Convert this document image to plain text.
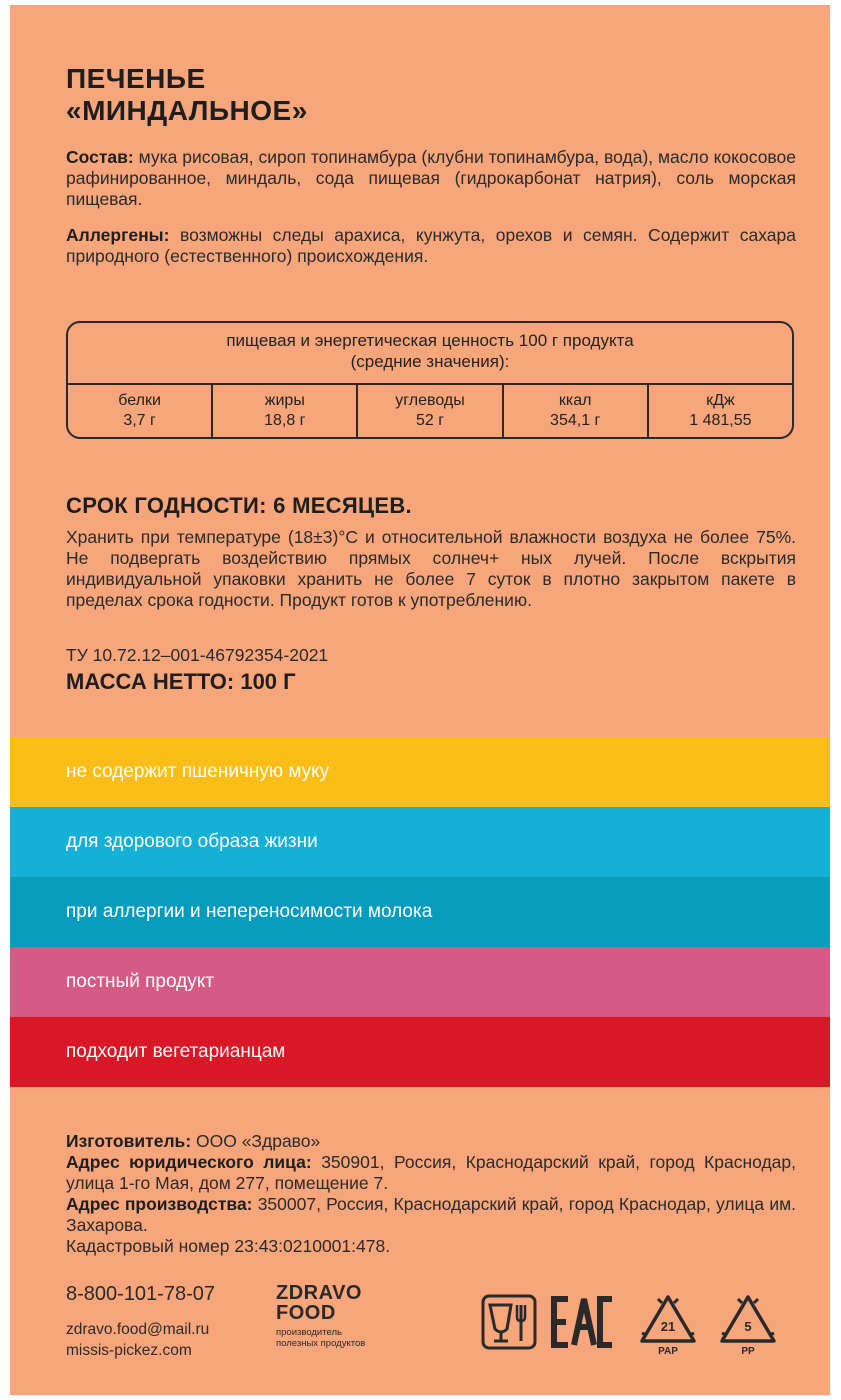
ПЕЧЕНЬЕ
«МИНДАЛЬНОЕ»
Состав: мука рисовая, сироп топинамбура (клубни топинамбура, вода), масло кокосовое рафинированное, миндаль, сода пищевая (гидрокарбонат натрия), соль морская пищевая.
Аллергены: возможны следы арахиса, кунжута, орехов и семян. Содержит сахара природного (естественного) происхождения.
пищевая и энергетическая ценность 100 г продукта
(средние значения):
белки
3,7 г
жиры
18,8 г
углеводы
52 г
ккал
354,1 г
кДж
1 481,55
СРОК ГОДНОСТИ: 6 МЕСЯЦЕВ.
Хранить при температуре (18±3)°С и относительной влажности воздуха не более 75%. Не подвергать воздействию прямых солнеч+ ных лучей. После вскрытия индивидуальной упаковки хранить не более 7 суток в плотно закрытом пакете в пределах срока годности. Продукт готов к употреблению.
ТУ 10.72.12–001-46792354-2021
МАССА НЕТТО: 100 Г
не содержит пшеничную муку
для здорового образа жизни
при аллергии и непереносимости молока
постный продукт
подходит вегетарианцам
Изготовитель: ООО «Здраво»
Адрес юридического лица: 350901, Россия, Краснодарский край, город Краснодар, улица 1-го Мая, дом 277, помещение 7.
Адрес производства: 350007, Россия, Краснодарский край, город Краснодар, улица им. Захарова.
Кадастровый номер 23:43:0210001:478.
8-800-101-78-07
zdravo.food@mail.ru
missis-pickez.com
ZDRAVO
FOOD
производитель
полезных продуктов
21
PAP
5
PP
